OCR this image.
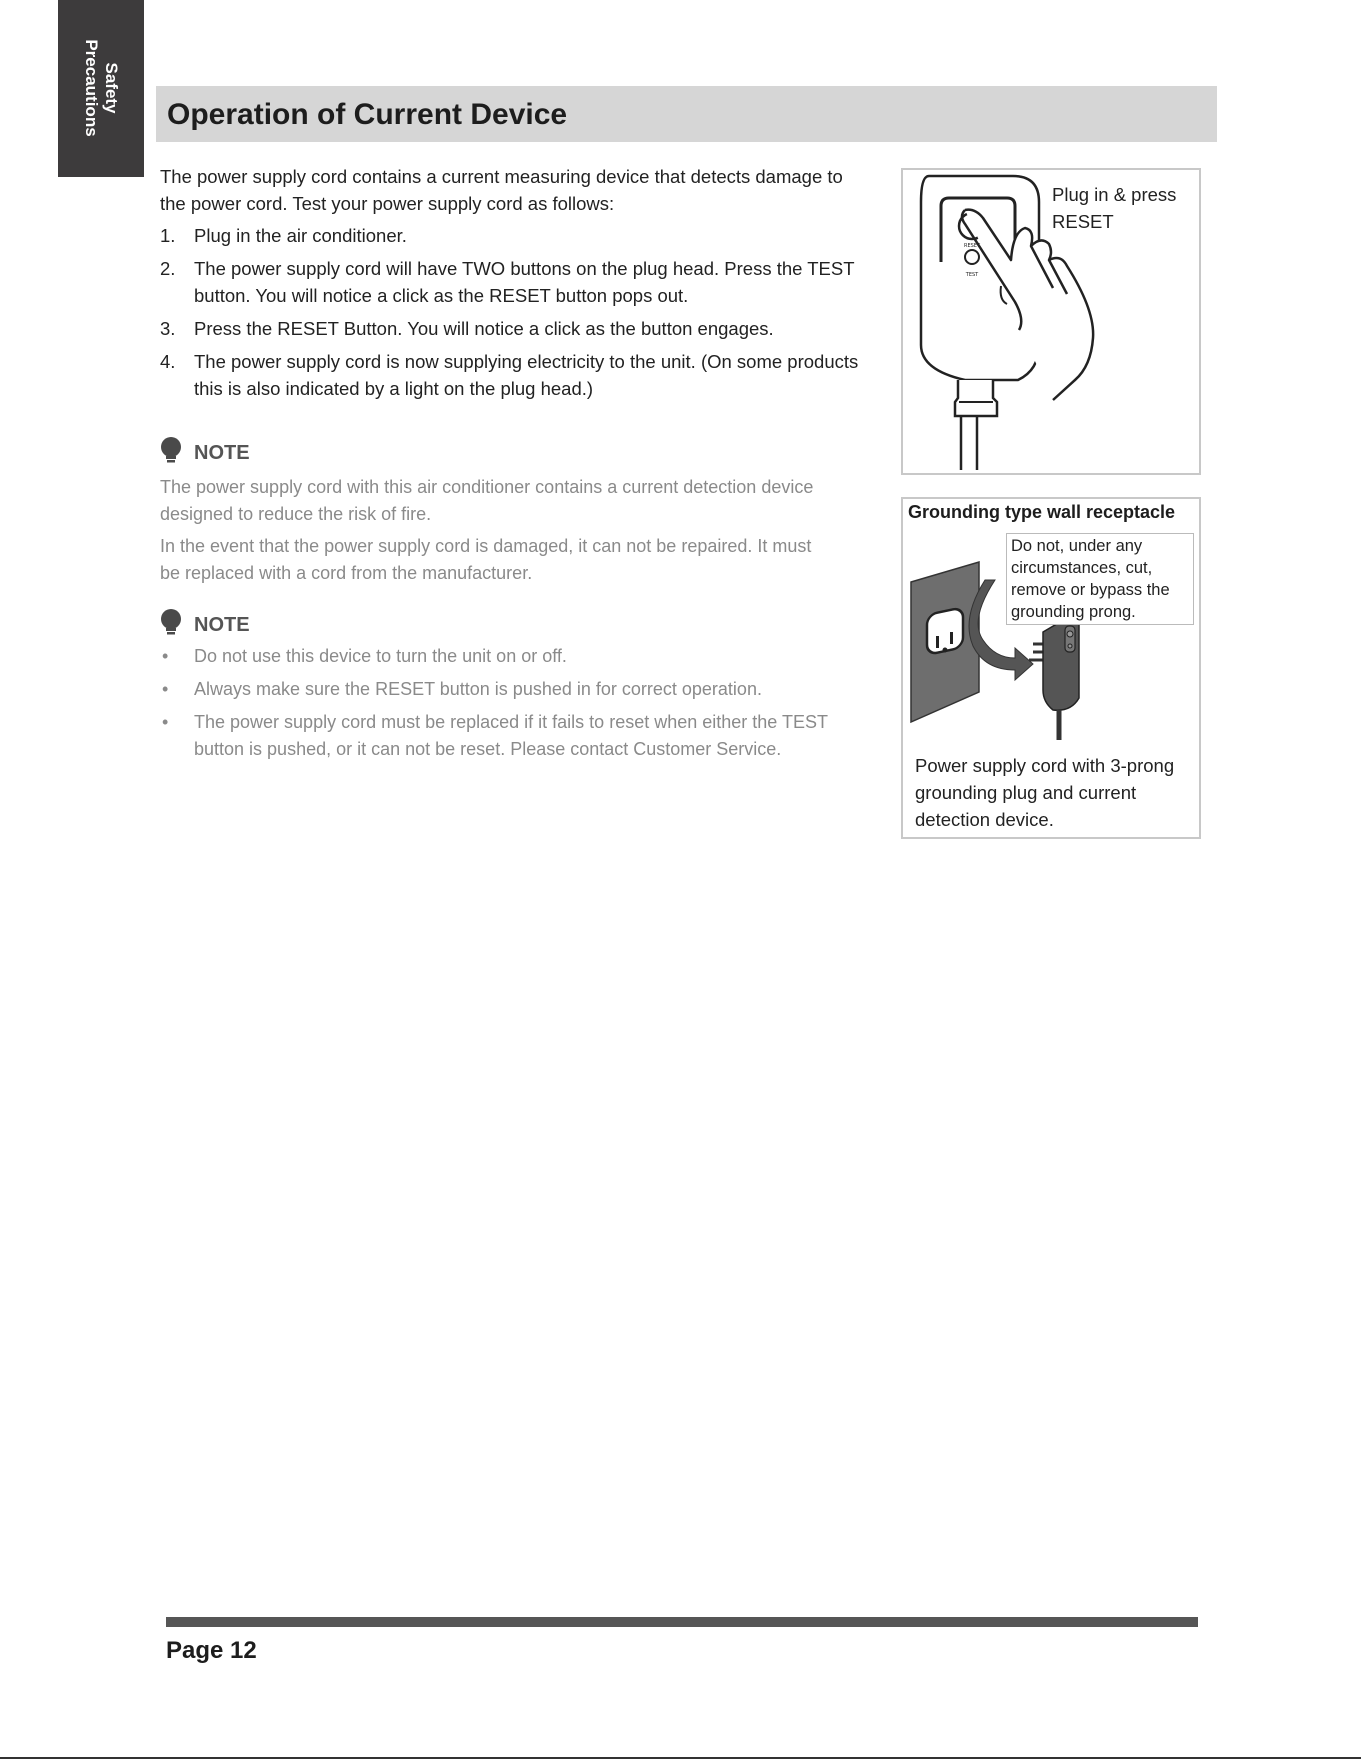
Safety
Precautions Operation of Current Device

The power supply cord contains a current measuring device that detects damage to the power cord. Test your power supply cord as follows:

1. Plug in the air conditioner.
2. The power supply cord will have TWO buttons on the plug head. Press the TEST button. You will notice a click as the RESET button pops out.
3. Press the RESET Button. You will notice a click as the button engages.
4. The power supply cord is now supplying electricity to the unit. (On some products this is also indicated by a light on the plug head.)
NOTE

The power supply cord with this air conditioner contains a current detection device designed to reduce the risk of fire.

In the event that the power supply cord is damaged, it can not be repaired. It must be replaced with a cord from the manufacturer.

NOTE
• Do not use this device to turn the unit on or off.
• Always make sure the RESET button is pushed in for correct operation.
• The power supply cord must be replaced if it fails to reset when either the TEST button is pushed, or it can not be reset. Please contact Customer Service.
RESET
TEST
Plug in & press RESET
Grounding type wall receptacle
Do not, under any circumstances, cut, remove or bypass the grounding prong.
Power supply cord with 3-prong grounding plug and current detection device.
Page 12
